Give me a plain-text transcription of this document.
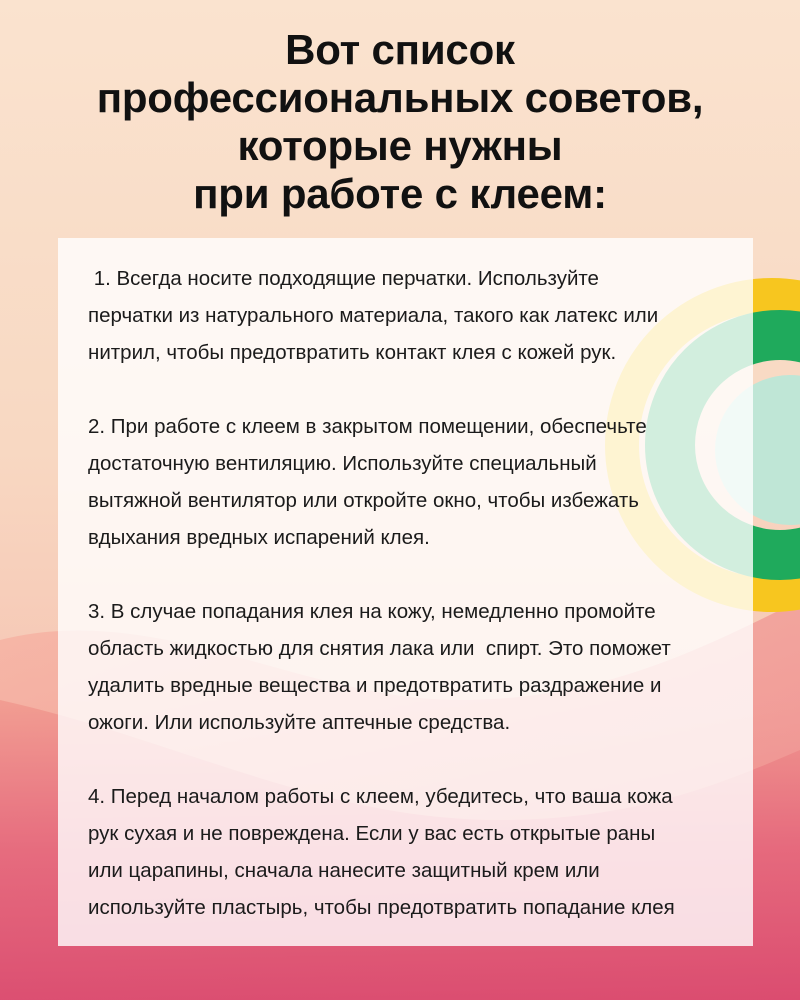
Вот список
профессиональных советов,
которые нужны
при работе с клеем:

1. Всегда носите подходящие перчатки. Используйте
перчатки из натурального материала, такого как латекс или
нитрил, чтобы предотвратить контакт клея с кожей рук.

2. При работе с клеем в закрытом помещении, обеспечьте
достаточную вентиляцию. Используйте специальный
вытяжной вентилятор или откройте окно, чтобы избежать
вдыхания вредных испарений клея.

3. В случае попадания клея на кожу, немедленно промойте
область жидкостью для снятия лака или  спирт. Это поможет
удалить вредные вещества и предотвратить раздражение и
ожоги. Или используйте аптечные средства.

4. Перед началом работы с клеем, убедитесь, что ваша кожа
рук сухая и не повреждена. Если у вас есть открытые раны
или царапины, сначала нанесите защитный крем или
используйте пластырь, чтобы предотвратить попадание клея
